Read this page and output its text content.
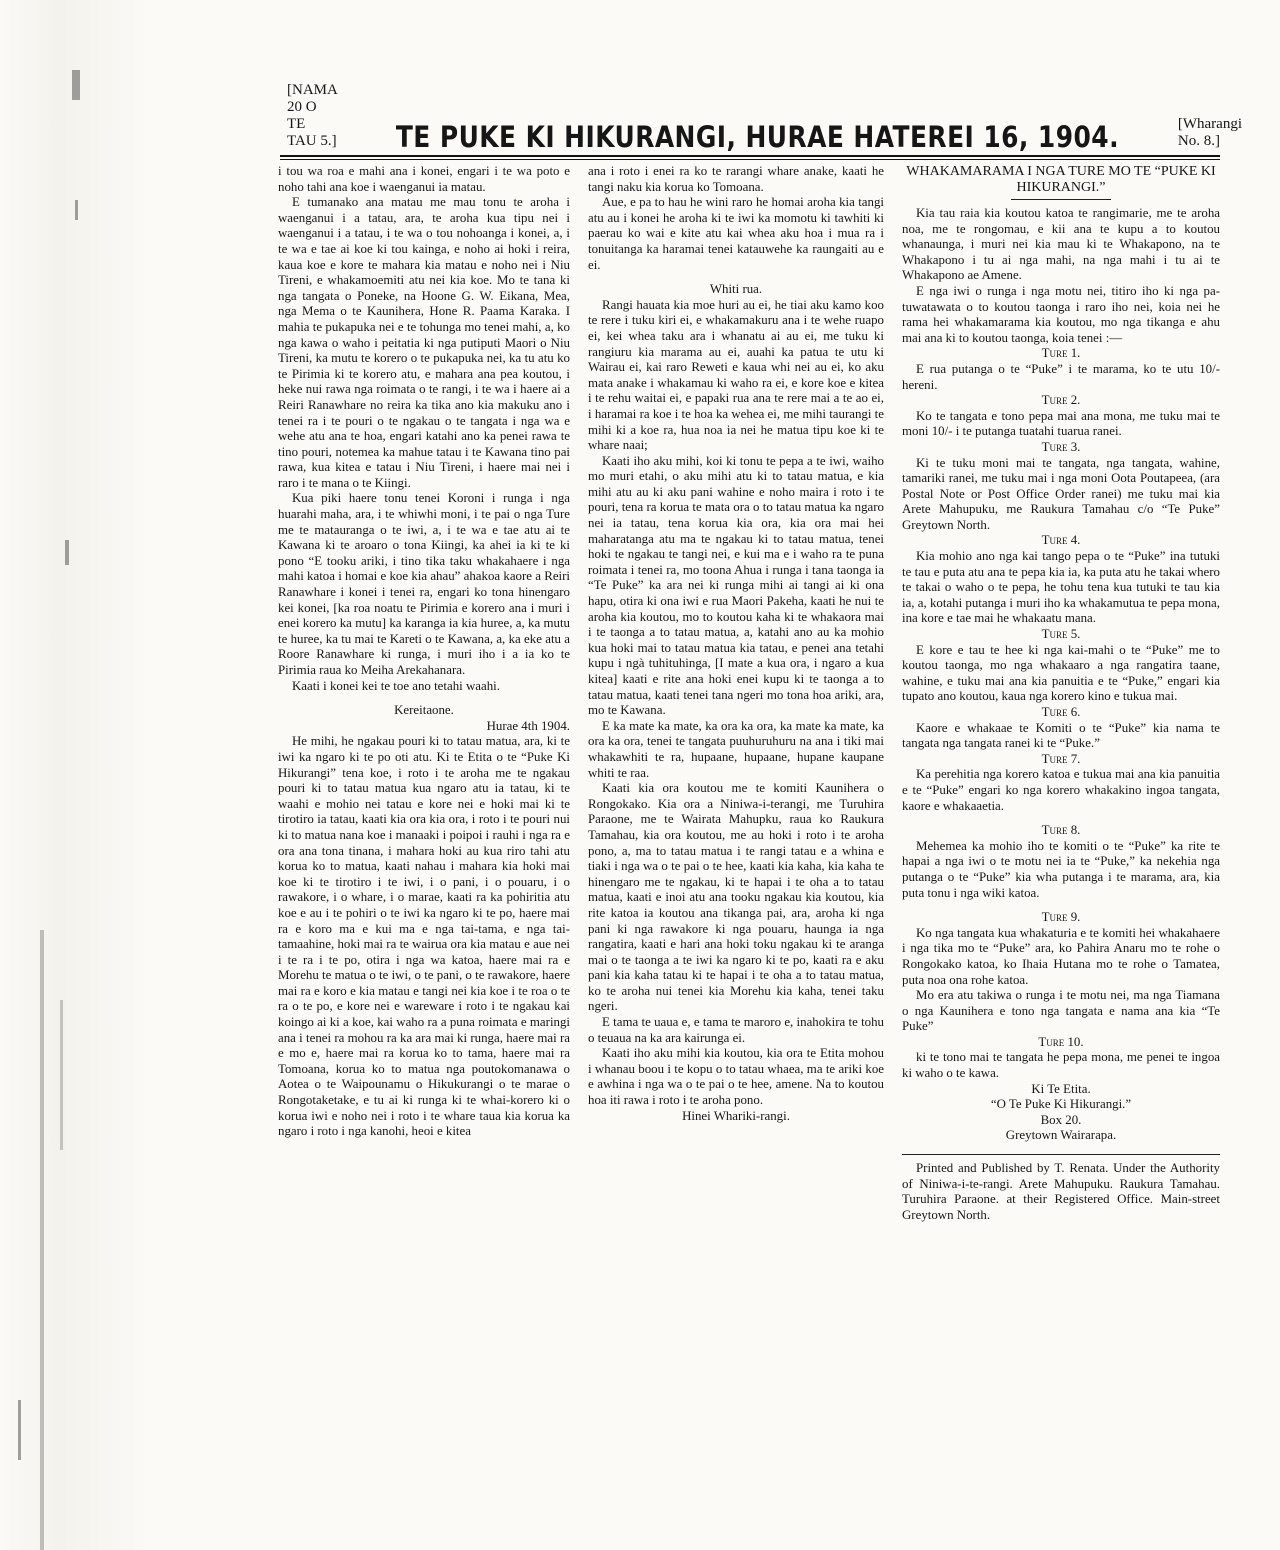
[NAMA 20 O TE TAU 5.] TE PUKE KI HIKURANGI, HURAE HATEREI 16, 1904.	[Wharangi No. 8.]

i tou wa roa e mahi ana i konei, engari i te wa poto e noho tahi ana koe i waenganui ia matau.

E tumanako ana matau me mau tonu te aroha i waenganui i a tatau, ara, te aroha kua tipu nei i waenganui i a tatau, i te wa o tou nohoanga i konei, a, i te wa e tae ai koe ki tou kainga, e noho ai hoki i reira, kaua koe e kore te mahara kia matau e noho nei i Niu Tireni, e whakamoemiti atu nei kia koe. Mo te tana ki nga tangata o Poneke, na Hoone G. W. Eikana, Mea, nga Mema o te Kaunihera, Hone R. Paama Karaka. I mahia te pukapuka nei e te tohunga mo tenei mahi, a, ko nga kawa o waho i peitatia ki nga putiputi Maori o Niu Tireni, ka mutu te korero o te pukapuka nei, ka tu atu ko te Pirimia ki te korero atu, e mahara ana pea koutou, i heke nui rawa nga roimata o te rangi, i te wa i haere ai a Reiri Ranawhare no reira ka tika ano kia makuku ano i tenei ra i te pouri o te ngakau o te tangata i nga wa e wehe atu ana te hoa, engari katahi ano ka penei rawa te tino pouri, notemea ka mahue tatau i te Kawana tino pai rawa, kua kitea e tatau i Niu Tireni, i haere mai nei i raro i te mana o te Kiingi.

Kua piki haere tonu tenei Koroni i runga i nga huarahi maha, ara, i te whiwhi moni, i te pai o nga Ture me te matauranga o te iwi, a, i te wa e tae atu ai te Kawana ki te aroaro o tona Kiingi, ka ahei ia ki te ki pono “E tooku ariki, i tino tika taku whakahaere i nga mahi katoa i homai e koe kia ahau” ahakoa kaore a Reiri Ranawhare i konei i tenei ra, engari ko tona hinengaro kei konei, [ka roa noatu te Pirimia e korero ana i muri i enei korero ka mutu] ka karanga ia kia huree, a, ka mutu te huree, ka tu mai te Kareti o te Kawana, a, ka eke atu a Roore Ranawhare ki runga, i muri iho i a ia ko te Pirimia raua ko Meiha Arekahanara.

Kaati i konei kei te toe ano tetahi waahi.

Kereitaone.

Hurae 4th 1904.

He mihi, he ngakau pouri ki to tatau matua, ara, ki te iwi ka ngaro ki te po oti atu. Ki te Etita o te “Puke Ki Hikurangi” tena koe, i roto i te aroha me te ngakau pouri ki to tatau matua kua ngaro atu ia tatau, ki te waahi e mohio nei tatau e kore nei e hoki mai ki te tirotiro ia tatau, kaati kia ora kia ora, i roto i te pouri nui ki to matua nana koe i manaaki i poipoi i rauhi i nga ra e ora ana tona tinana, i mahara hoki au kua riro tahi atu korua ko to matua, kaati nahau i mahara kia hoki mai koe ki te tirotiro i te iwi, i o pani, i o pouaru, i o rawakore, i o whare, i o marae, kaati ra ka pohiritia atu koe e au i te pohiri o te iwi ka ngaro ki te po, haere mai ra e koro ma e kui ma e nga tai-tama, e nga tai-tamaahine, hoki mai ra te wairua ora kia matau e aue nei i te ra i te po, otira i nga wa katoa, haere mai ra e Morehu te matua o te iwi, o te pani, o te rawakore, haere mai ra e koro e kia matau e tangi nei kia koe i te roa o te ra o te po, e kore nei e wareware i roto i te ngakau kai koingo ai ki a koe, kai waho ra a puna roimata e maringi ana i tenei ra mohou ra ka ara mai ki runga, haere mai ra e mo e, haere mai ra korua ko to tama, haere mai ra Tomoana, korua ko to matua nga poutokomanawa o Aotea o te Waipounamu o Hikukurangi o te marae o Rongotaketake, e tu ai ki runga ki te whai-korero ki o korua iwi e noho nei i roto i te whare taua kia korua ka ngaro i roto i nga kanohi, heoi e kitea

ana i roto i enei ra ko te rarangi whare anake, kaati he tangi naku kia korua ko Tomoana.

Aue, e pa to hau he wini raro he homai aroha kia tangi atu au i konei he aroha ki te iwi ka momotu ki tawhiti ki paerau ko wai e kite atu kai whea aku hoa i mua ra i tonuitanga ka haramai tenei katauwehe ka raungaiti au e ei.

Whiti rua.

Rangi hauata kia moe huri au ei, he tiai aku kamo koo te rere i tuku kiri ei, e whakamakuru ana i te wehe ruapo ei, kei whea taku ara i whanatu ai au ei, me tuku ki rangiuru kia marama au ei, auahi ka patua te utu ki Wairau ei, kai raro Reweti e kaua whi nei au ei, ko aku mata anake i whakamau ki waho ra ei, e kore koe e kitea i te rehu waitai ei, e papaki rua ana te rere mai a te ao ei, i haramai ra koe i te hoa ka wehea ei, me mihi taurangi te mihi ki a koe ra, hua noa ia nei he matua tipu koe ki te whare naai;

Kaati iho aku mihi, koi ki tonu te pepa a te iwi, waiho mo muri etahi, o aku mihi atu ki to tatau matua, e kia mihi atu au ki aku pani wahine e noho maira i roto i te pouri, tena ra korua te mata ora o to tatau matua ka ngaro nei ia tatau, tena korua kia ora, kia ora mai hei maharatanga atu ma te ngakau ki to tatau matua, tenei hoki te ngakau te tangi nei, e kui ma e i waho ra te puna roimata i tenei ra, mo toona Ahua i runga i tana taonga ia “Te Puke” ka ara nei ki runga mihi ai tangi ai ki ona hapu, otira ki ona iwi e rua Maori Pakeha, kaati he nui te aroha kia koutou, mo to koutou kaha ki te whakaora mai i te taonga a to tatau matua, a, katahi ano au ka mohio kua hoki mai to tatau matua kia tatau, e penei ana tetahi kupu i ngà tuhituhinga, [I mate a kua ora, i ngaro a kua kitea] kaati e rite ana hoki enei kupu ki te taonga a to tatau matua, kaati tenei tana ngeri mo tona hoa ariki, ara, mo te Kawana.

E ka mate ka mate, ka ora ka ora, ka mate ka mate, ka ora ka ora, tenei te tangata puuhuruhuru na ana i tiki mai whakawhiti te ra, hupaane, hupaane, hupane kaupane whiti te raa.

Kaati kia ora koutou me te komiti Kaunihera o Rongokako. Kia ora a Niniwa-i-terangi, me Turuhira Paraone, me te Wairata Mahupku, raua ko Raukura Tamahau, kia ora koutou, me au hoki i roto i te aroha pono, a, ma to tatau matua i te rangi tatau e a whina e tiaki i nga wa o te pai o te hee, kaati kia kaha, kia kaha te hinengaro me te ngakau, ki te hapai i te oha a to tatau matua, kaati e inoi atu ana tooku ngakau kia koutou, kia rite katoa ia koutou ana tikanga pai, ara, aroha ki nga pani ki nga rawakore ki nga pouaru, haunga ia nga rangatira, kaati e hari ana hoki toku ngakau ki te aranga mai o te taonga a te iwi ka ngaro ki te po, kaati ra e aku pani kia kaha tatau ki te hapai i te oha a to tatau matua, ko te aroha nui tenei kia Morehu kia kaha, tenei taku ngeri.

E tama te uaua e, e tama te maroro e, inahokira te tohu o teuaua na ka ara kairunga ei.

Kaati iho aku mihi kia koutou, kia ora te Etita mohou i whanau boou i te kopu o to tatau whaea, ma te ariki koe e awhina i nga wa o te pai o te hee, amene. Na to koutou hoa iti rawa i roto i te aroha pono.

Hinei Whariki-rangi.

WHAKAMARAMA I NGA TURE MO TE “PUKE KI HIKURANGI.”

Kia tau raia kia koutou katoa te rangimarie, me te aroha noa, me te rongomau, e kii ana te kupu a to koutou whanaunga, i muri nei kia mau ki te Whakapono, na te Whakapono i tu ai nga mahi, na nga mahi i tu ai te Whakapono ae Amene.

E nga iwi o runga i nga motu nei, titiro iho ki nga pa-tuwatawata o to koutou taonga i raro iho nei, koia nei he rama hei whakamarama kia koutou, mo nga tikanga e ahu mai ana ki to koutou taonga, koia tenei :—

Ture 1.

E rua putanga o te “Puke” i te marama, ko te utu 10/- hereni.

Ture 2.

Ko te tangata e tono pepa mai ana mona, me tuku mai te moni 10/- i te putanga tuatahi tuarua ranei.

Ture 3.

Ki te tuku moni mai te tangata, nga tangata, wahine, tamariki ranei, me tuku mai i nga moni Oota Poutapeea, (ara Postal Note or Post Office Order ranei) me tuku mai kia Arete Mahupuku, me Raukura Tamahau c/o “Te Puke” Greytown North.

Ture 4.

Kia mohio ano nga kai tango pepa o te “Puke” ina tutuki te tau e puta atu ana te pepa kia ia, ka puta atu he takai whero te takai o waho o te pepa, he tohu tena kua tutuki te tau kia ia, a, kotahi putanga i muri iho ka whakamutua te pepa mona, ina kore e tae mai he whakaatu mana.

Ture 5.

E kore e tau te hee ki nga kai-mahi o te “Puke” me to koutou taonga, mo nga whakaaro a nga rangatira taane, wahine, e tuku mai ana kia panuitia e te “Puke,” engari kia tupato ano koutou, kaua nga korero kino e tukua mai.

Ture 6.

Kaore e whakaae te Komiti o te “Puke” kia nama te tangata nga tangata ranei ki te “Puke.”

Ture 7.

Ka perehitia nga korero katoa e tukua mai ana kia panuitia e te “Puke” engari ko nga korero whakakino ingoa tangata, kaore e whakaaetia.

Ture 8.

Mehemea ka mohio iho te komiti o te “Puke” ka rite te hapai a nga iwi o te motu nei ia te “Puke,” ka nekehia nga putanga o te “Puke” kia wha putanga i te marama, ara, kia puta tonu i nga wiki katoa.

Ture 9.

Ko nga tangata kua whakaturia e te komiti hei whakahaere i nga tika mo te “Puke” ara, ko Pahira Anaru mo te rohe o Rongokako katoa, ko Ihaia Hutana mo te rohe o Tamatea, puta noa ona rohe katoa.

Mo era atu takiwa o runga i te motu nei, ma nga Tiamana o nga Kaunihera e tono nga tangata e nama ana kia “Te Puke”

Ture 10.

ki te tono mai te tangata he pepa mona, me penei te ingoa ki waho o te kawa.

Ki Te Etita.

“O Te Puke Ki Hikurangi.”

Box 20.

Greytown Wairarapa.

Printed and Published by T. Renata. Under the Authority of Niniwa-i-te-rangi. Arete Mahupuku. Raukura Tamahau. Turuhira Paraone. at their Registered Office. Main-street Greytown North.
